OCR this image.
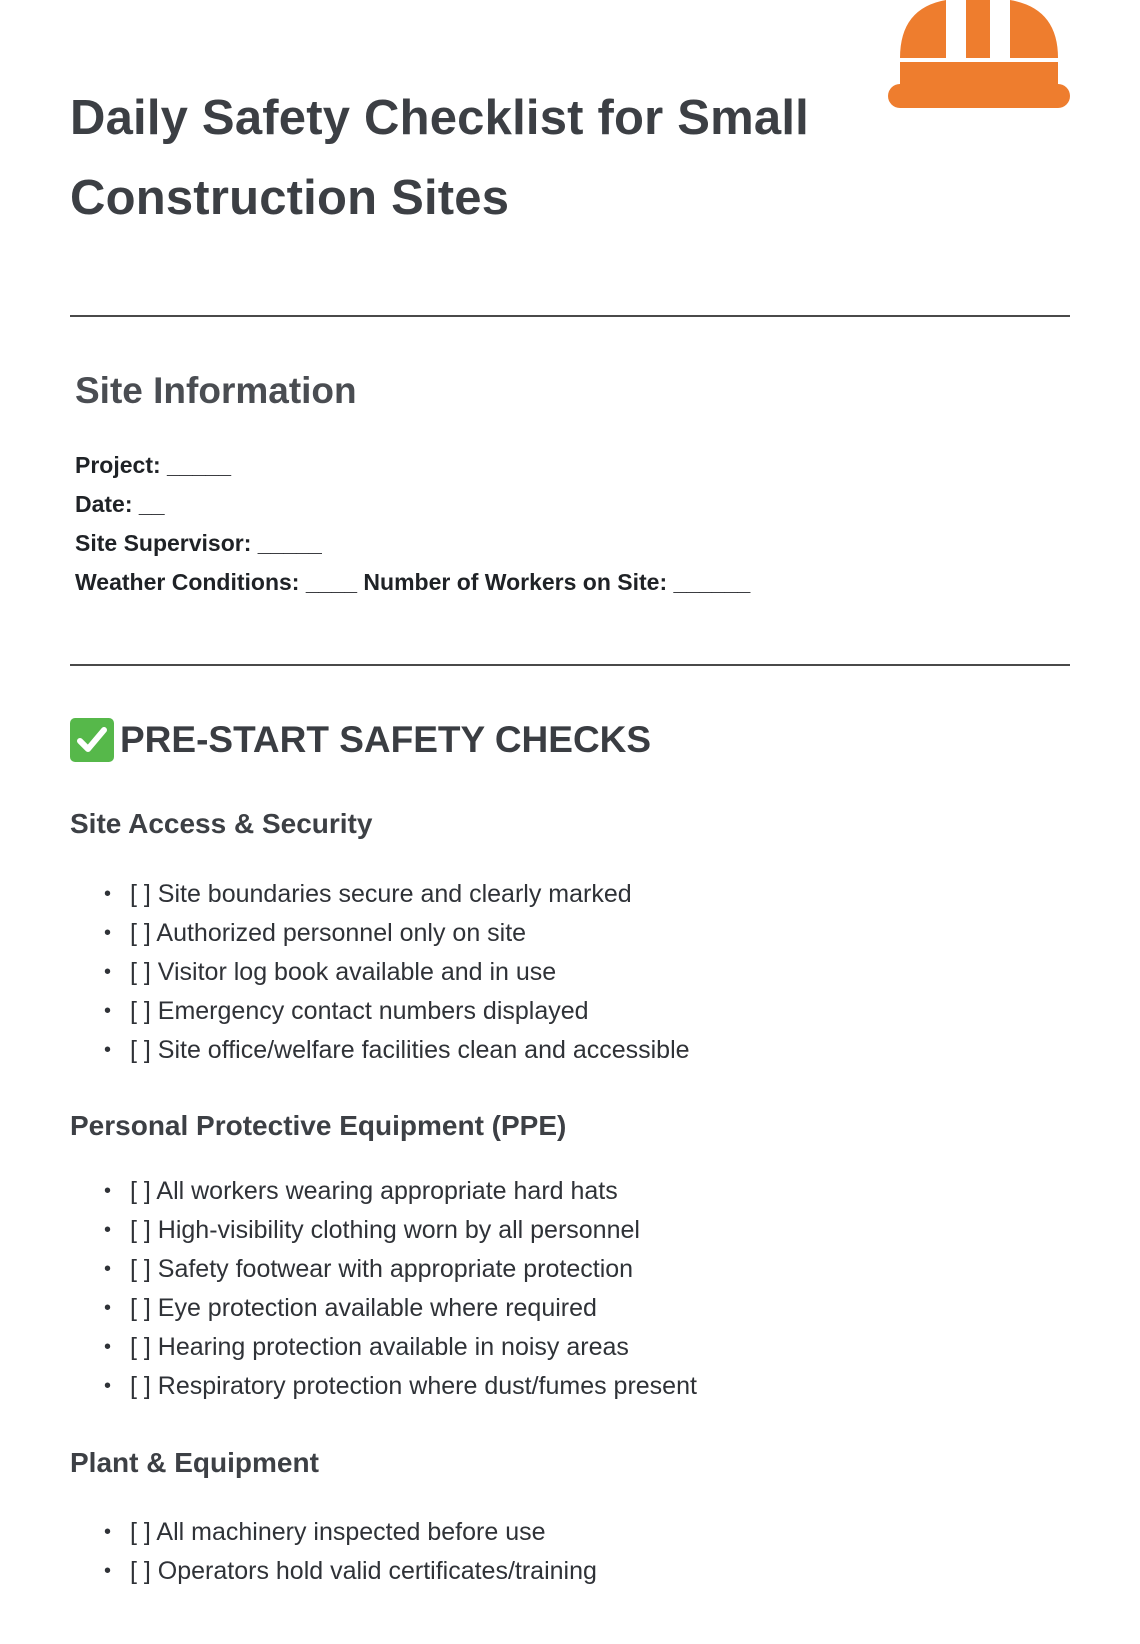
Daily Safety Checklist for Small Construction Sites
Site Information
Project: _____
Date: __
Site Supervisor: _____
Weather Conditions: ____ Number of Workers on Site: ______
PRE-START SAFETY CHECKS
Site Access & Security
• [ ] Site boundaries secure and clearly marked
• [ ] Authorized personnel only on site
• [ ] Visitor log book available and in use
• [ ] Emergency contact numbers displayed
• [ ] Site office/welfare facilities clean and accessible
Personal Protective Equipment (PPE)
• [ ] All workers wearing appropriate hard hats
• [ ] High-visibility clothing worn by all personnel
• [ ] Safety footwear with appropriate protection
• [ ] Eye protection available where required
• [ ] Hearing protection available in noisy areas
• [ ] Respiratory protection where dust/fumes present
Plant & Equipment
• [ ] All machinery inspected before use
• [ ] Operators hold valid certificates/training
